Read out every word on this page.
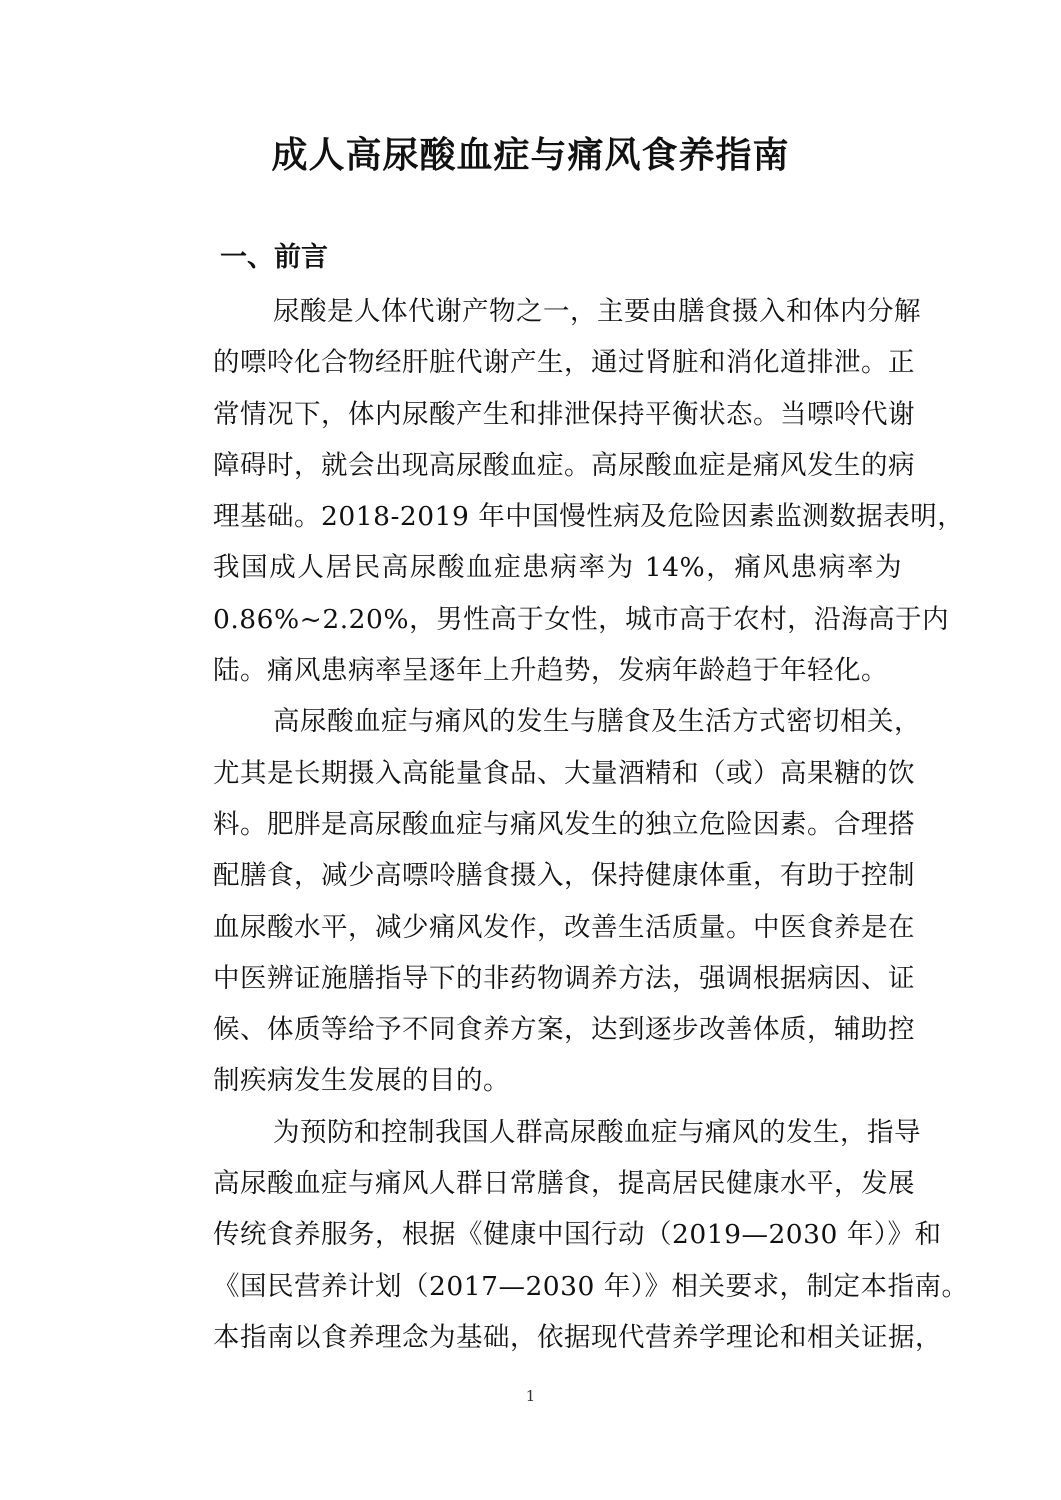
成人高尿酸血症与痛风食养指南
一、前言

尿酸是人体代谢产物之一，主要由膳食摄入和体内分解
的嘌呤化合物经肝脏代谢产生，通过肾脏和消化道排泄。正
常情况下，体内尿酸产生和排泄保持平衡状态。当嘌呤代谢
障碍时，就会出现高尿酸血症。高尿酸血症是痛风发生的病
理基础。2018-2019 年中国慢性病及危险因素监测数据表明，
我国成人居民高尿酸血症患病率为 14%，痛风患病率为
0.86%~2.20%，男性高于女性，城市高于农村，沿海高于内
陆。痛风患病率呈逐年上升趋势，发病年龄趋于年轻化。

高尿酸血症与痛风的发生与膳食及生活方式密切相关，
尤其是长期摄入高能量食品、大量酒精和（或）高果糖的饮
料。肥胖是高尿酸血症与痛风发生的独立危险因素。合理搭
配膳食，减少高嘌呤膳食摄入，保持健康体重，有助于控制
血尿酸水平，减少痛风发作，改善生活质量。中医食养是在
中医辨证施膳指导下的非药物调养方法，强调根据病因、证
候、体质等给予不同食养方案，达到逐步改善体质，辅助控
制疾病发生发展的目的。

为预防和控制我国人群高尿酸血症与痛风的发生，指导
高尿酸血症与痛风人群日常膳食，提高居民健康水平，发展
传统食养服务，根据《健康中国行动（2019—2030 年）》和
《国民营养计划（2017—2030 年）》相关要求，制定本指南。
本指南以食养理念为基础，依据现代营养学理论和相关证据，

1
